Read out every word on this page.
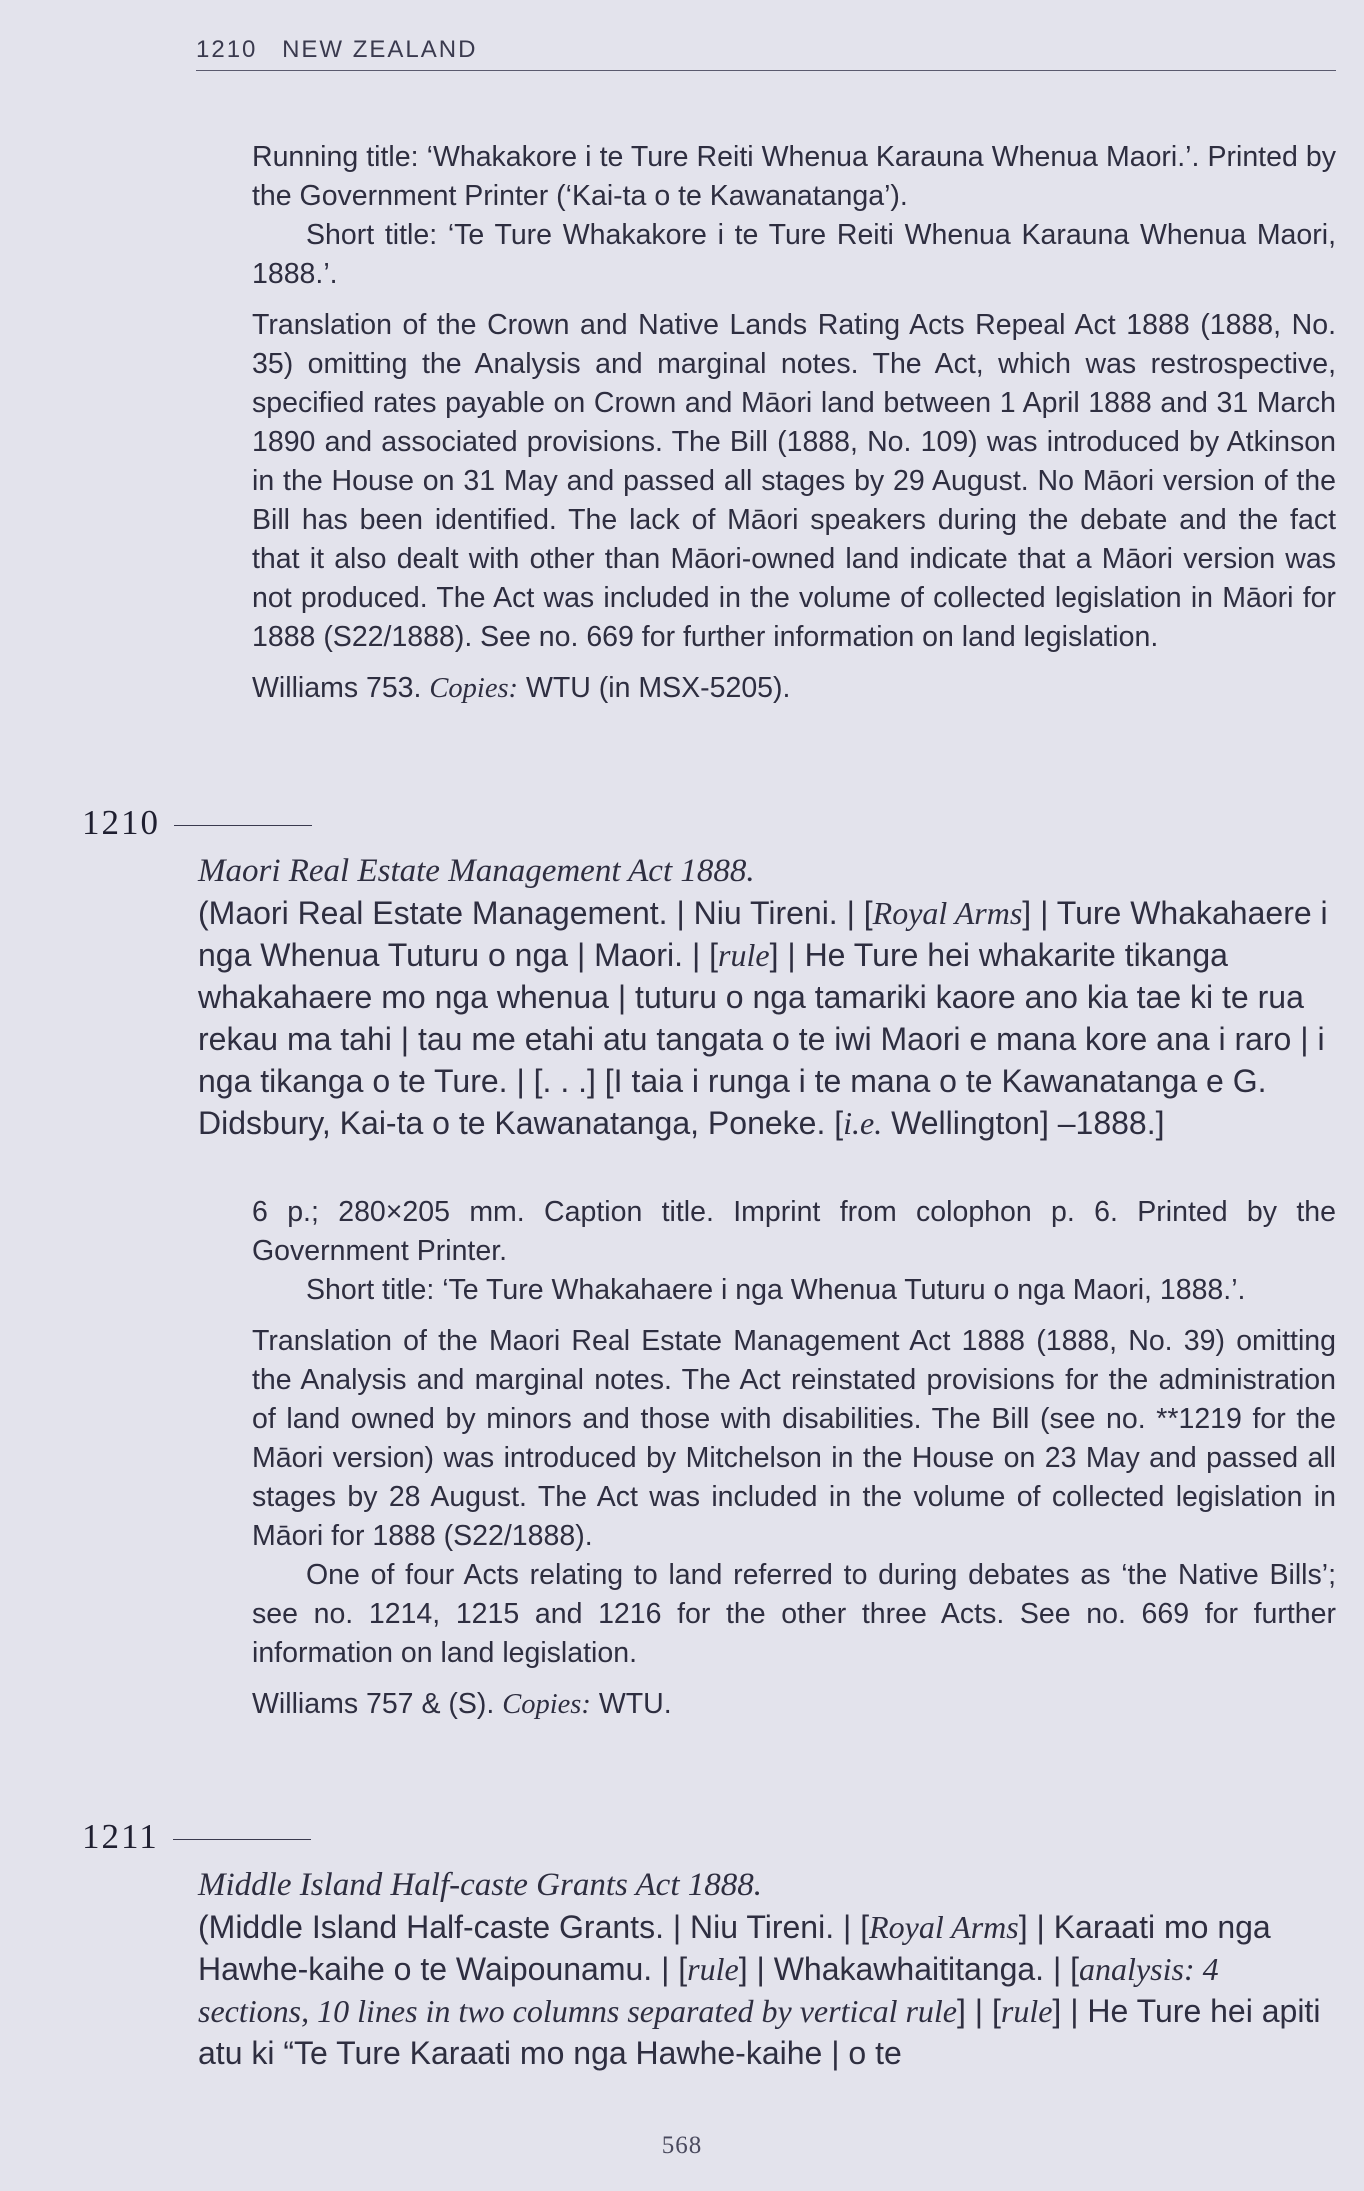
1210 NEW ZEALAND

Running title: ‘Whakakore i te Ture Reiti Whenua Karauna Whenua Maori.’. Printed by the Government Printer (‘Kai-ta o te Kawanatanga’).

Short title: ‘Te Ture Whakakore i te Ture Reiti Whenua Karauna Whenua Maori, 1888.’.

Translation of the Crown and Native Lands Rating Acts Repeal Act 1888 (1888, No. 35) omitting the Analysis and marginal notes. The Act, which was restrospective, specified rates payable on Crown and Māori land between 1 April 1888 and 31 March 1890 and associated provisions. The Bill (1888, No. 109) was introduced by Atkinson in the House on 31 May and passed all stages by 29 August. No Māori version of the Bill has been identified. The lack of Māori speakers during the debate and the fact that it also dealt with other than Māori-owned land indicate that a Māori version was not produced. The Act was included in the volume of collected legislation in Māori for 1888 (S22/1888). See no. 669 for further information on land legislation.

Williams 753. Copies: WTU (in MSX-5205).

1210

Maori Real Estate Management Act 1888.

(Maori Real Estate Management. | Niu Tireni. | [Royal Arms] | Ture Whakahaere i nga Whenua Tuturu o nga | Maori. | [rule] | He Ture hei whakarite tikanga whakahaere mo nga whenua | tuturu o nga tamariki kaore ano kia tae ki te rua rekau ma tahi | tau me etahi atu tangata o te iwi Maori e mana kore ana i raro | i nga tikanga o te Ture. | [. . .] [I taia i runga i te mana o te Kawanatanga e G. Didsbury, Kai-ta o te Kawanatanga, Poneke. [i.e. Wellington] –1888.]

6 p.; 280×205 mm. Caption title. Imprint from colophon p. 6. Printed by the Government Printer.

Short title: ‘Te Ture Whakahaere i nga Whenua Tuturu o nga Maori, 1888.’.

Translation of the Maori Real Estate Management Act 1888 (1888, No. 39) omitting the Analysis and marginal notes. The Act reinstated provisions for the administration of land owned by minors and those with disabilities. The Bill (see no. **1219 for the Māori version) was introduced by Mitchelson in the House on 23 May and passed all stages by 28 August. The Act was included in the volume of collected legislation in Māori for 1888 (S22/1888).

One of four Acts relating to land referred to during debates as ‘the Native Bills’; see no. 1214, 1215 and 1216 for the other three Acts. See no. 669 for further information on land legislation.

Williams 757 & (S). Copies: WTU.

1211

Middle Island Half-caste Grants Act 1888.

(Middle Island Half-caste Grants. | Niu Tireni. | [Royal Arms] | Karaati mo nga Hawhe-kaihe o te Waipounamu. | [rule] | Whakawhaititanga. | [analysis: 4 sections, 10 lines in two columns separated by vertical rule] | [rule] | He Ture hei apiti atu ki “Te Ture Karaati mo nga Hawhe-kaihe | o te

568
